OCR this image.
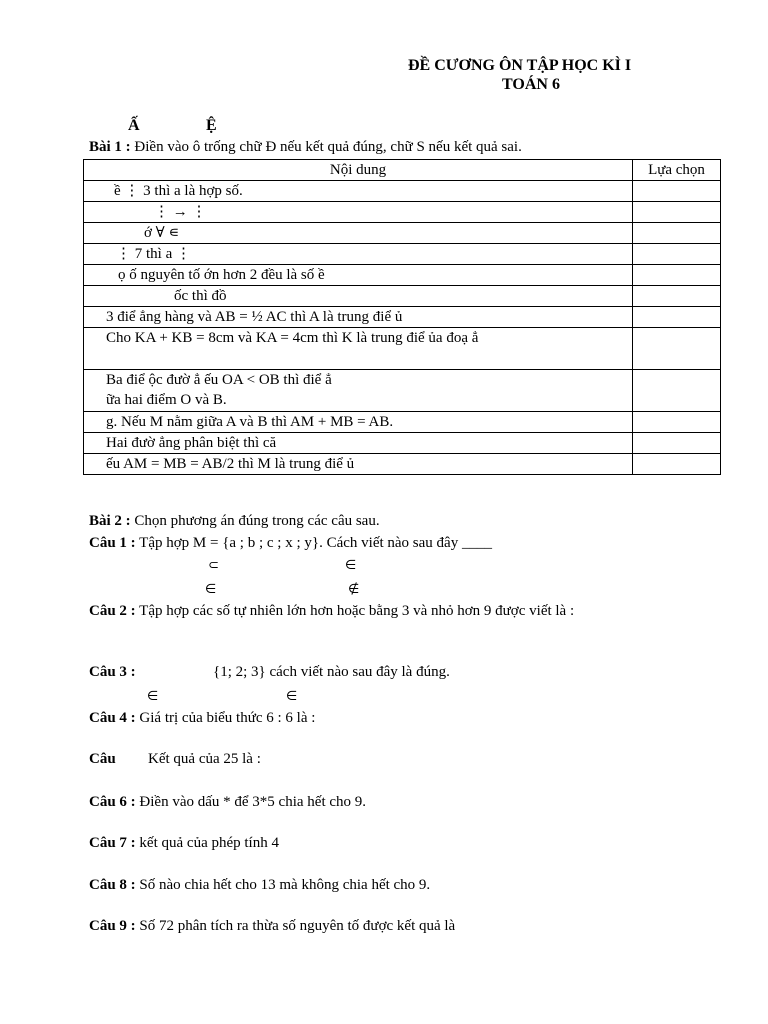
ĐỀ CƯƠNG ÔN TẬP HỌC KÌ I
TOÁN 6
Ấ	Ệ
Bài 1 : Điền vào ô trống chữ Đ nếu kết quả đúng, chữ S nếu kết quả sai.
Nội dung	Lựa chọn
ề ⋮ 3 thì a là hợp số.	
⋮ → ⋮	
ớ ∀ ∊	
⋮ 7 thì a ⋮	
ọ ố nguyên tố ớn hơn 2 đều là số ề	
ốc thì đồ	
3 điể ẳng hàng và AB = ½ AC thì A là trung điể ủ	
Cho KA + KB = 8cm và KA = 4cm thì K là trung điể ủa đoạ ẳ	

Ba điể ộc đườ ẳ ếu OA < OB thì điể ẳ
ữa hai điểm O và B.	

g. Nếu M nằm giữa A và B thì AM + MB = AB.	
Hai đườ ẳng phân biệt thì că	
ếu AM = MB = AB/2 thì M là trung điể ủ	
Bài 2 : Chọn phương án đúng trong các câu sau.
Câu 1 : Tập hợp M = {a ; b ; c ; x ; y}. Cách viết nào sau đây ____
⊂	∈
∈	∉
Câu 2 : Tập hợp các số tự nhiên lớn hơn hoặc bằng 3 và nhỏ hơn 9 được viết là :
Câu 3 :	{1; 2; 3} cách viết nào sau đây là đúng.
∈	∈
Câu 4 : Giá trị của biểu thức 6 : 6 là :
Câu Kết quả của 25 là :
Câu 6 : Điền vào dấu * để 3*5 chia hết cho 9.
Câu 7 : kết quả của phép tính 4
Câu 8 : Số nào chia hết cho 13 mà không chia hết cho 9.
Câu 9 : Số 72 phân tích ra thừa số nguyên tố được kết quả là
